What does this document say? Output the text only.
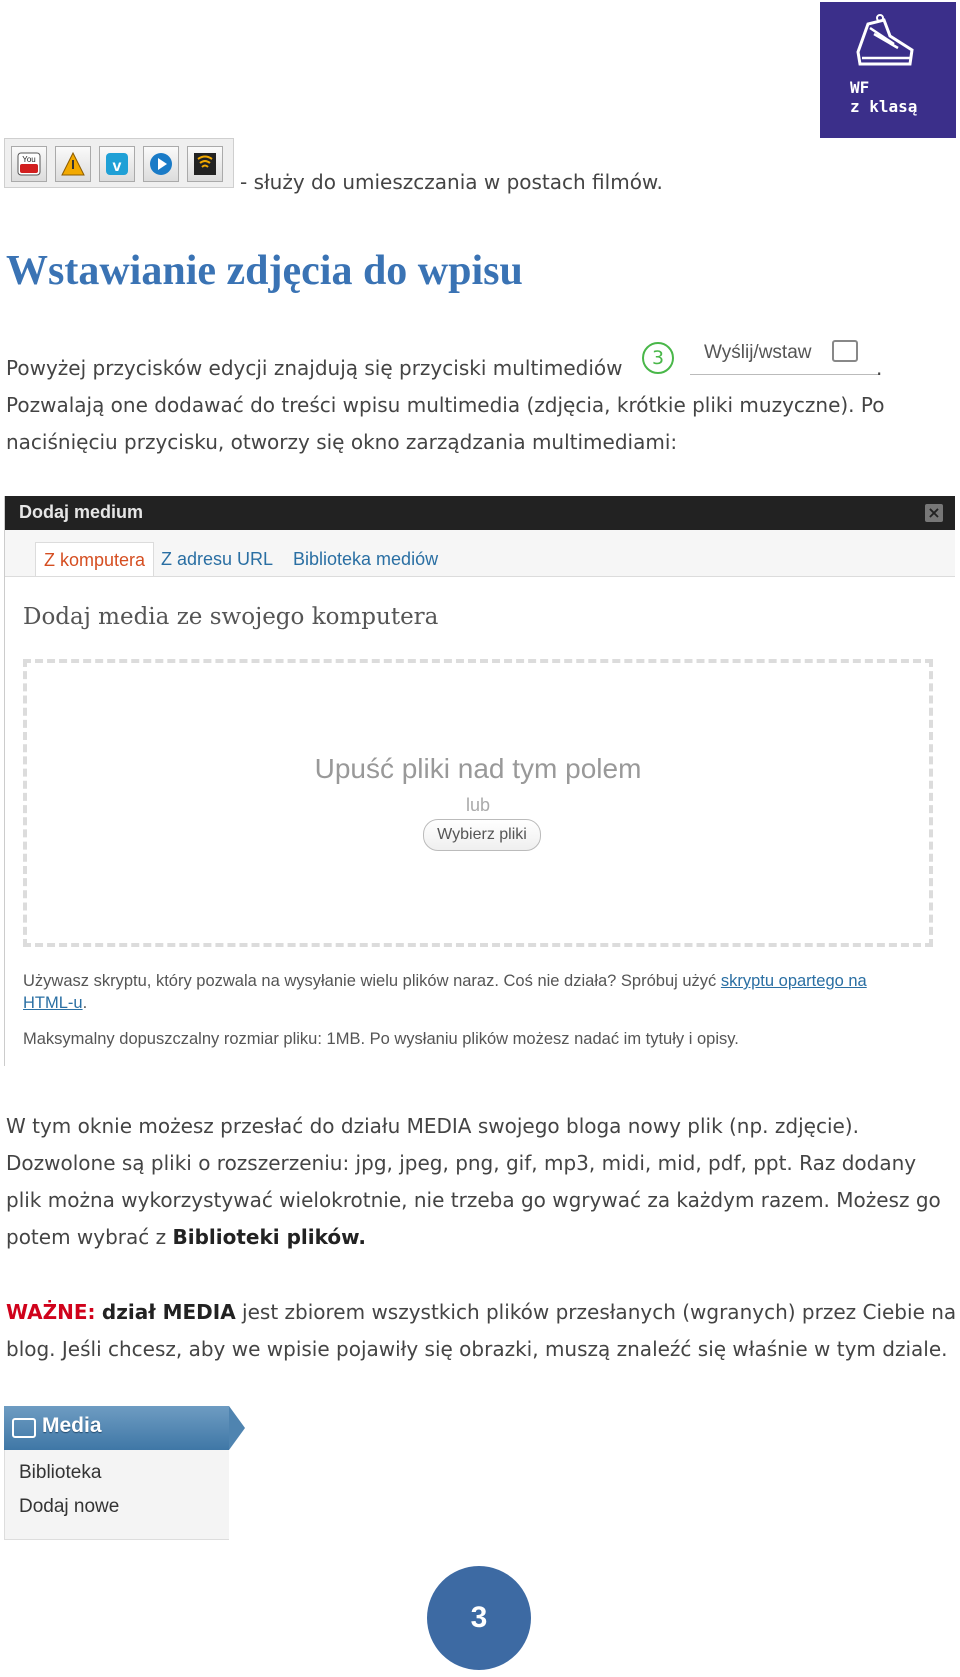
WF
z klasą
You	v
- służy do umieszczania w postach filmów.
Wstawianie zdjęcia do wpisu
Powyżej przycisków edycji znajdują się przyciski multimediów	3	Wyślij/wstaw
.
Pozwalają one dodawać do treści wpisu multimedia (zdjęcia, krótkie pliki muzyczne). Po
naciśnięciu przycisku, otworzy się okno zarządzania multimediami:
Dodaj medium	×
Z komputera Z adresu URL	Biblioteka mediów
Dodaj media ze swojego komputera
Upuść pliki nad tym polem
lub
Wybierz pliki
Używasz skryptu, który pozwala na wysyłanie wielu plików naraz. Coś nie działa? Spróbuj użyć skryptu opartego na
HTML-u.
Maksymalny dopuszczalny rozmiar pliku: 1MB. Po wysłaniu plików możesz nadać im tytuły i opisy.
W tym oknie możesz przesłać do działu MEDIA swojego bloga nowy plik (np. zdjęcie).
Dozwolone są pliki o rozszerzeniu: jpg, jpeg, png, gif, mp3, midi, mid, pdf, ppt. Raz dodany
plik można wykorzystywać wielokrotnie, nie trzeba go wgrywać za każdym razem. Możesz go
potem wybrać z Biblioteki plików.
WAŻNE: dział MEDIA jest zbiorem wszystkich plików przesłanych (wgranych) przez Ciebie na
blog. Jeśli chcesz, aby we wpisie pojawiły się obrazki, muszą znaleźć się właśnie w tym dziale.
Media
Biblioteka
Dodaj nowe
3
